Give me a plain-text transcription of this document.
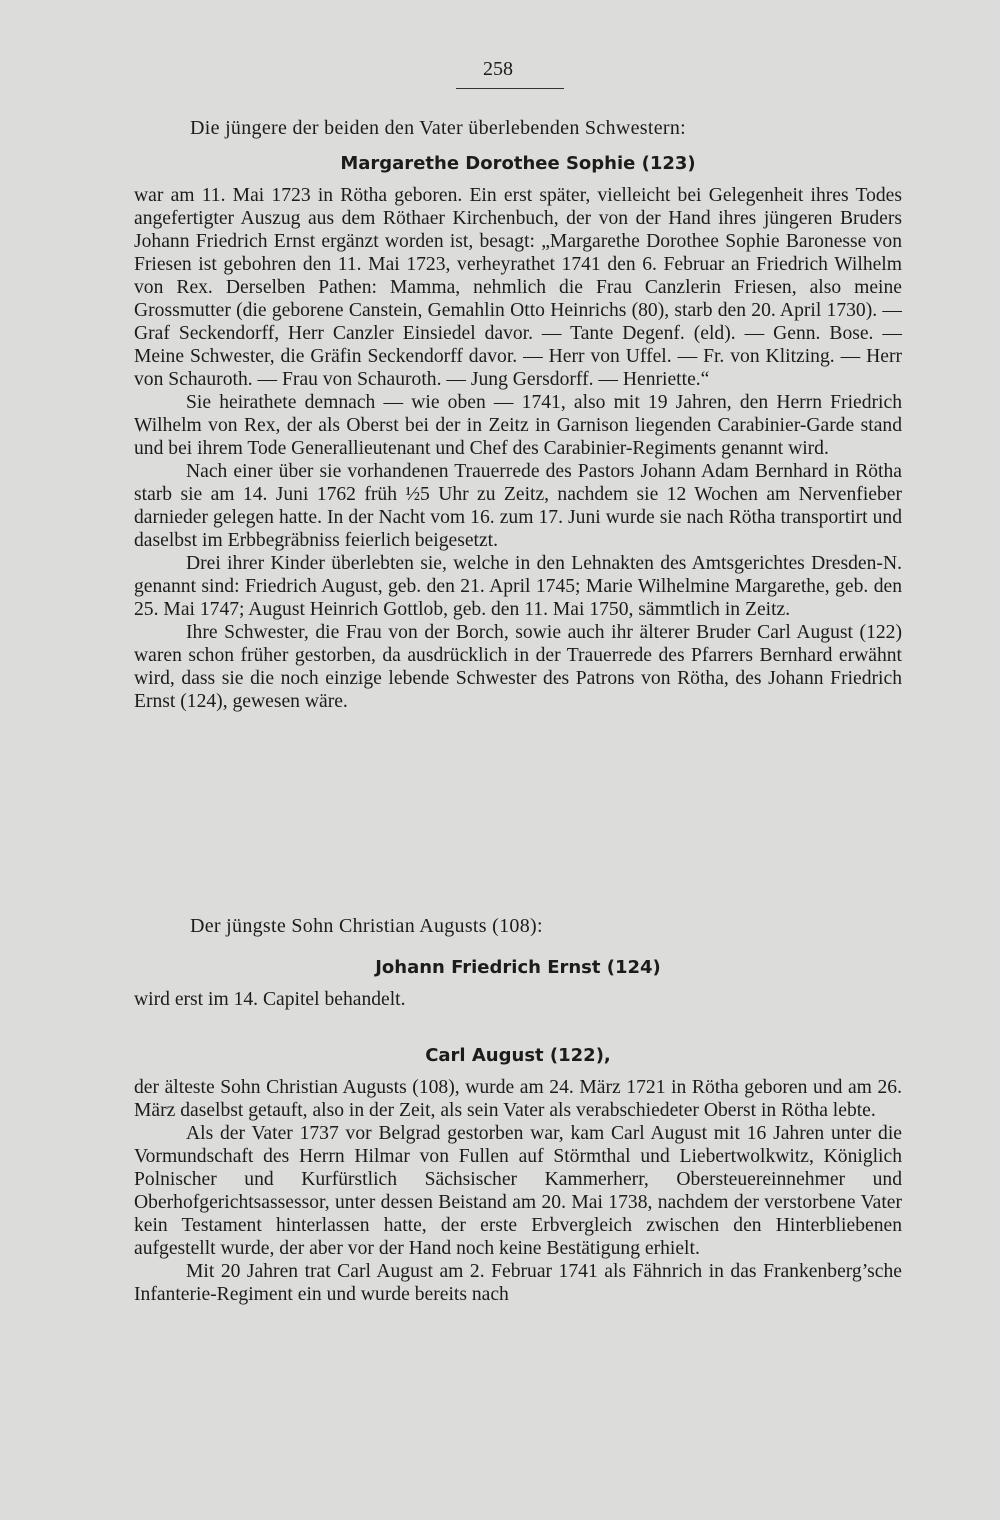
258
Die jüngere der beiden den Vater überlebenden Schwestern:
Margarethe Dorothee Sophie (123)

war am 11. Mai 1723 in Rötha geboren. Ein erst später, vielleicht bei Gelegenheit ihres Todes angefertigter Auszug aus dem Röthaer Kirchenbuch, der von der Hand ihres jüngeren Bruders Johann Friedrich Ernst ergänzt worden ist, besagt: „Margarethe Dorothee Sophie Baronesse von Friesen ist gebohren den 11. Mai 1723, verheyrathet 1741 den 6. Februar an Friedrich Wilhelm von Rex. Derselben Pathen: Mamma, nehmlich die Frau Canzlerin Friesen, also meine Grossmutter (die geborene Canstein, Gemahlin Otto Heinrichs (80), starb den 20. April 1730). — Graf Seckendorff, Herr Canzler Einsiedel davor. — Tante Degenf. (eld). — Genn. Bose. — Meine Schwester, die Gräfin Seckendorff davor. — Herr von Uffel. — Fr. von Klitzing. — Herr von Schauroth. — Frau von Schauroth. — Jung Gersdorff. — Henriette.“

Sie heirathete demnach — wie oben — 1741, also mit 19 Jahren, den Herrn Friedrich Wilhelm von Rex, der als Oberst bei der in Zeitz in Garnison liegenden Carabinier-Garde stand und bei ihrem Tode Generallieutenant und Chef des Carabinier-Regiments genannt wird.

Nach einer über sie vorhandenen Trauerrede des Pastors Johann Adam Bernhard in Rötha starb sie am 14. Juni 1762 früh ½5 Uhr zu Zeitz, nachdem sie 12 Wochen am Nervenfieber darnieder gelegen hatte. In der Nacht vom 16. zum 17. Juni wurde sie nach Rötha transportirt und daselbst im Erbbegräbniss feierlich beigesetzt.

Drei ihrer Kinder überlebten sie, welche in den Lehnakten des Amtsgerichtes Dresden-N. genannt sind: Friedrich August, geb. den 21. April 1745; Marie Wilhelmine Margarethe, geb. den 25. Mai 1747; August Heinrich Gottlob, geb. den 11. Mai 1750, sämmtlich in Zeitz.

Ihre Schwester, die Frau von der Borch, sowie auch ihr älterer Bruder Carl August (122) waren schon früher gestorben, da ausdrücklich in der Trauerrede des Pfarrers Bernhard erwähnt wird, dass sie die noch einzige lebende Schwester des Patrons von Rötha, des Johann Friedrich Ernst (124), gewesen wäre.

Der jüngste Sohn Christian Augusts (108):
Johann Friedrich Ernst (124)

wird erst im 14. Capitel behandelt.

Carl August (122),

der älteste Sohn Christian Augusts (108), wurde am 24. März 1721 in Rötha geboren und am 26. März daselbst getauft, also in der Zeit, als sein Vater als verabschiedeter Oberst in Rötha lebte.

Als der Vater 1737 vor Belgrad gestorben war, kam Carl August mit 16 Jahren unter die Vormundschaft des Herrn Hilmar von Fullen auf Störmthal und Liebertwolkwitz, Königlich Polnischer und Kurfürstlich Sächsischer Kammerherr, Obersteuereinnehmer und Oberhofgerichtsassessor, unter dessen Beistand am 20. Mai 1738, nachdem der verstorbene Vater kein Testament hinterlassen hatte, der erste Erbvergleich zwischen den Hinterbliebenen aufgestellt wurde, der aber vor der Hand noch keine Bestätigung erhielt.

Mit 20 Jahren trat Carl August am 2. Februar 1741 als Fähnrich in das Frankenberg’sche Infanterie-Regiment ein und wurde bereits nach
